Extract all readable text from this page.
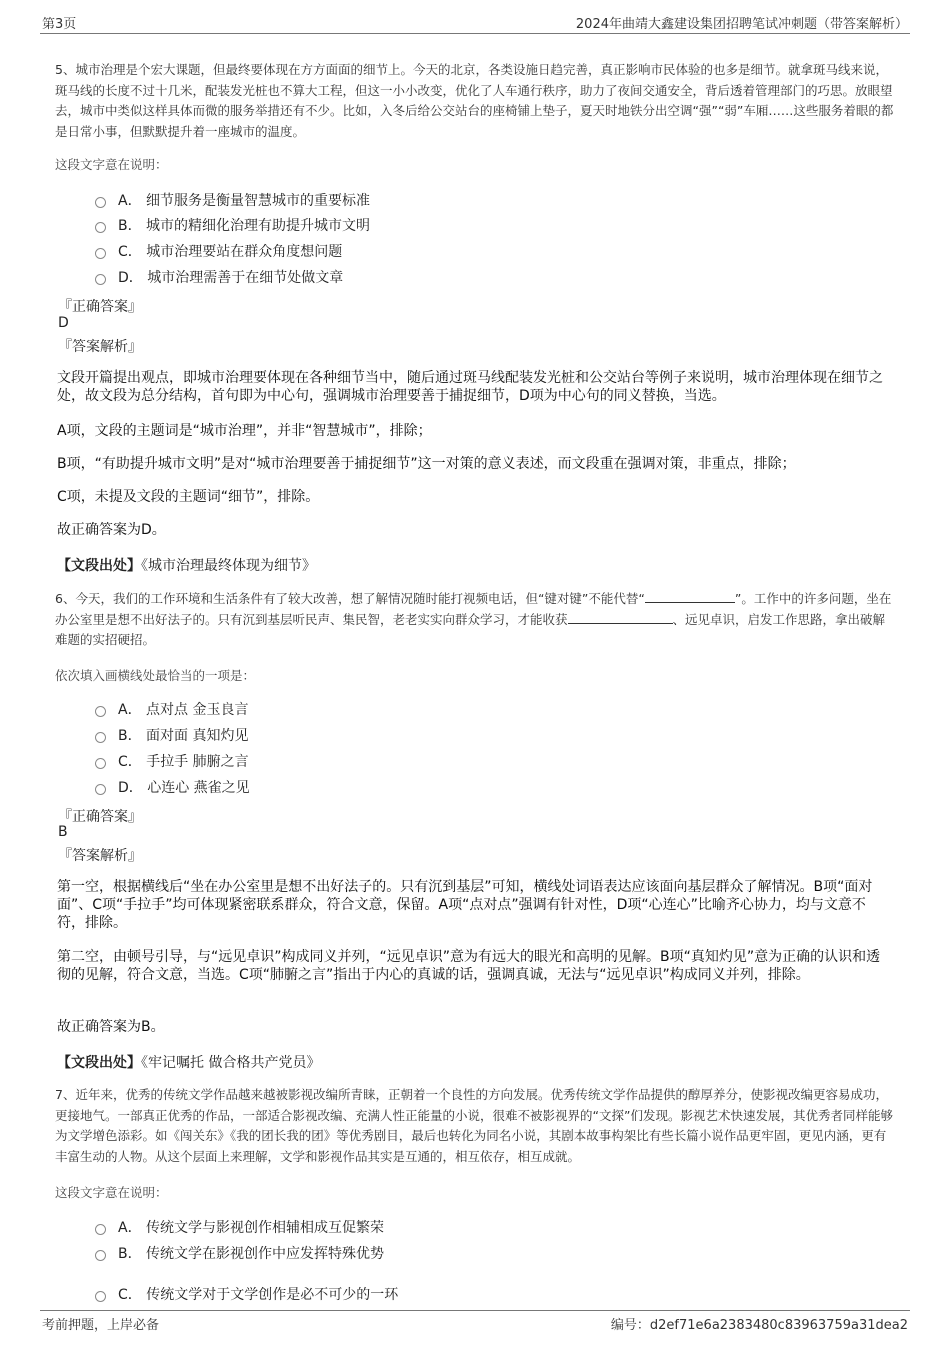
第3页	2024年曲靖大鑫建设集团招聘笔试冲刺题（带答案解析）
5、城市治理是个宏大课题，但最终要体现在方方面面的细节上。今天的北京，各类设施日趋完善，真正影响市民体验的也多是细节。就拿斑马线来说，斑马线的长度不过十几米，配装发光桩也不算大工程，但这一小小改变，优化了人车通行秩序，助力了夜间交通安全，背后透着管理部门的巧思。放眼望去，城市中类似这样具体而微的服务举措还有不少。比如，入冬后给公交站台的座椅铺上垫子，夏天时地铁分出空调“强”“弱”车厢……这些服务着眼的都是日常小事，但默默提升着一座城市的温度。
这段文字意在说明：
A． 细节服务是衡量智慧城市的重要标准
B． 城市的精细化治理有助提升城市文明
C． 城市治理要站在群众角度想问题
D． 城市治理需善于在细节处做文章
『正确答案』
D
『答案解析』
文段开篇提出观点，即城市治理要体现在各种细节当中，随后通过斑马线配装发光桩和公交站台等例子来说明，城市治理体现在细节之处，故文段为总分结构，首句即为中心句，强调城市治理要善于捕捉细节，D项为中心句的同义替换，当选。
A项，文段的主题词是“城市治理”，并非“智慧城市”，排除；
B项，“有助提升城市文明”是对“城市治理要善于捕捉细节”这一对策的意义表述，而文段重在强调对策，非重点，排除；
C项，未提及文段的主题词“细节”，排除。
故正确答案为D。
【文段出处】《城市治理最终体现为细节》
6、今天，我们的工作环境和生活条件有了较大改善，想了解情况随时能打视频电话，但“键对键”不能代替“	”。工作中的许多问题，坐在办公室里是想不出好法子的。只有沉到基层听民声、集民智，老老实实向群众学习，才能收获	、远见卓识，启发工作思路，拿出破解难题的实招硬招。
依次填入画横线处最恰当的一项是：
A． 点对点 金玉良言
B． 面对面 真知灼见
C． 手拉手 肺腑之言
D． 心连心 燕雀之见
『正确答案』
B
『答案解析』
第一空，根据横线后“坐在办公室里是想不出好法子的。只有沉到基层”可知，横线处词语表达应该面向基层群众了解情况。B项“面对面”、C项“手拉手”均可体现紧密联系群众，符合文意，保留。A项“点对点”强调有针对性，D项“心连心”比喻齐心协力，均与文意不符，排除。
第二空，由顿号引导，与“远见卓识”构成同义并列，“远见卓识”意为有远大的眼光和高明的见解。B项“真知灼见”意为正确的认识和透彻的见解，符合文意，当选。C项“肺腑之言”指出于内心的真诚的话，强调真诚，无法与“远见卓识”构成同义并列，排除。
故正确答案为B。
【文段出处】《牢记嘱托 做合格共产党员》
7、近年来，优秀的传统文学作品越来越被影视改编所青睐，正朝着一个良性的方向发展。优秀传统文学作品提供的醇厚养分，使影视改编更容易成功，更接地气。一部真正优秀的作品，一部适合影视改编、充满人性正能量的小说，很难不被影视界的“文探”们发现。影视艺术快速发展，其优秀者同样能够为文学增色添彩。如《闯关东》《我的团长我的团》等优秀剧目，最后也转化为同名小说，其剧本故事构架比有些长篇小说作品更牢固，更见内涵，更有丰富生动的人物。从这个层面上来理解，文学和影视作品其实是互通的，相互依存，相互成就。
这段文字意在说明：
A． 传统文学与影视创作相辅相成互促繁荣
B． 传统文学在影视创作中应发挥特殊优势
C． 传统文学对于文学创作是必不可少的一环
考前押题，上岸必备	编号：d2ef71e6a2383480c83963759a31dea2
